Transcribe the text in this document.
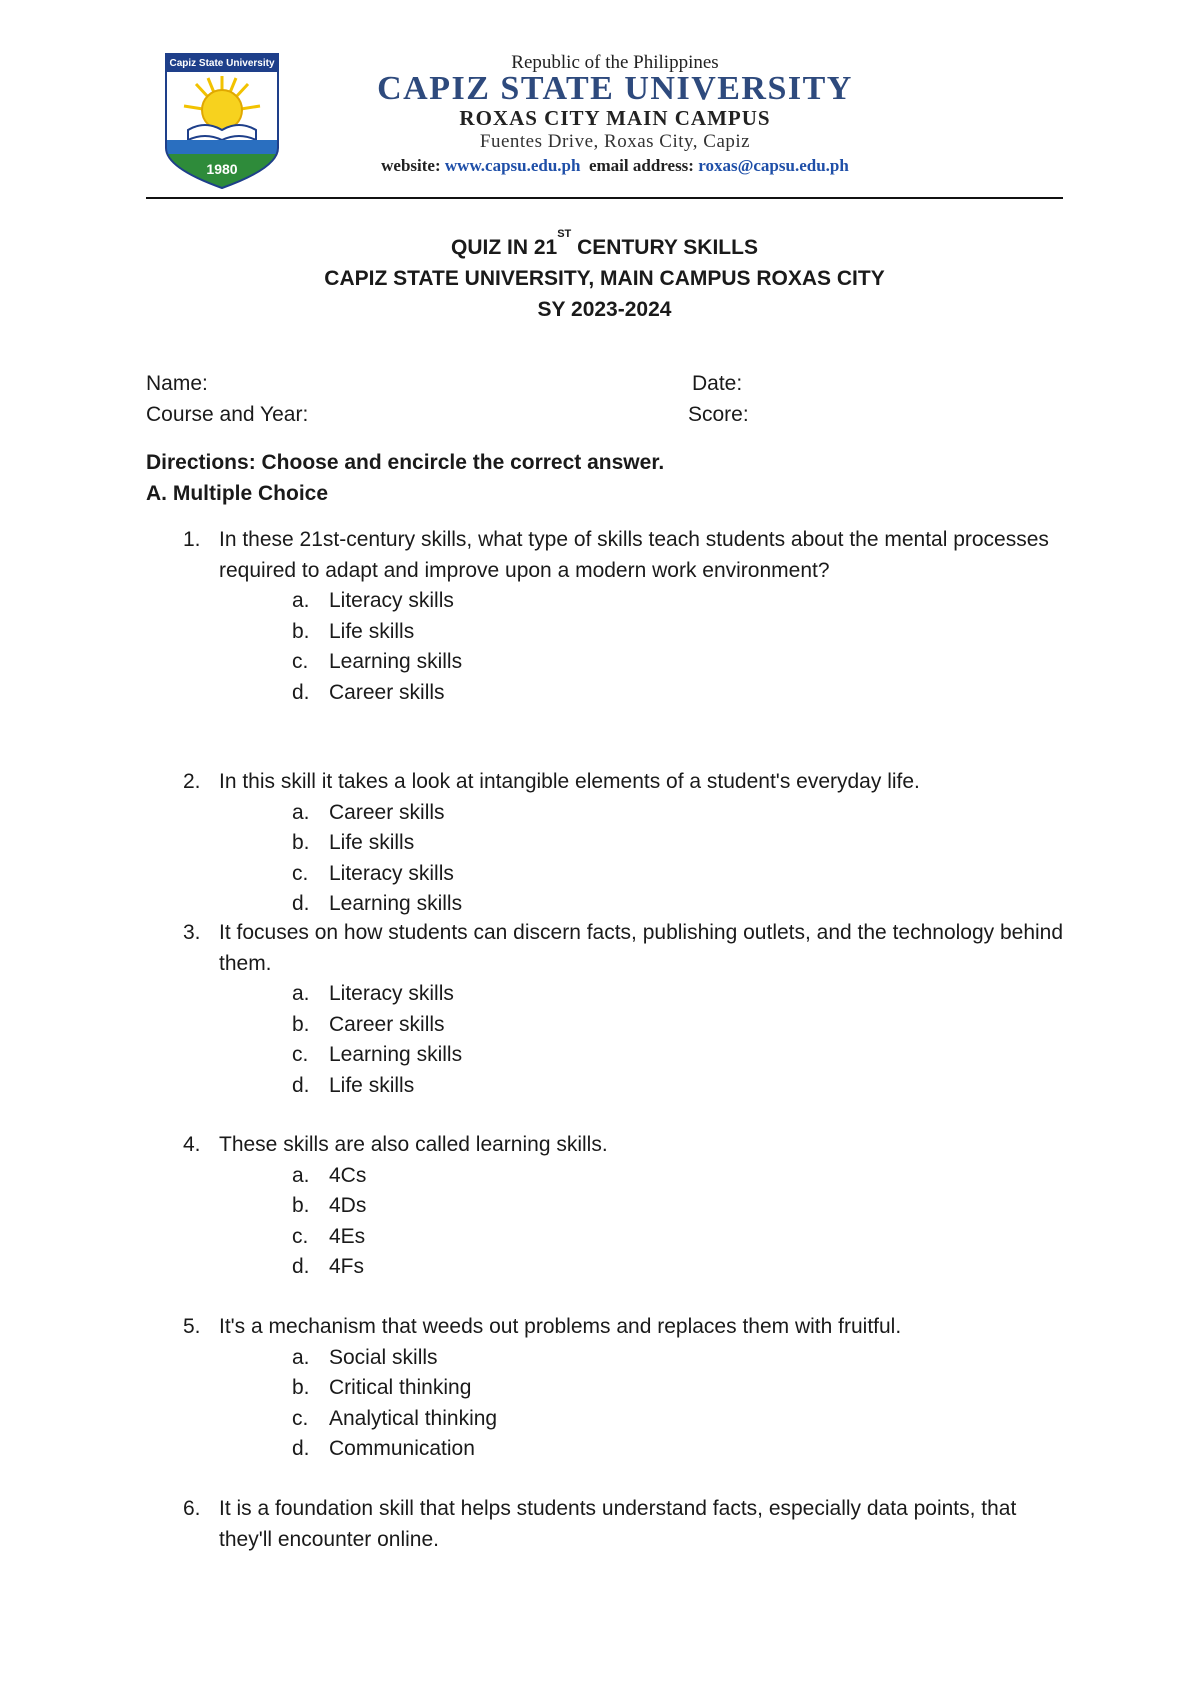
Capiz State University
1980
Republic of the Philippines
CAPIZ STATE UNIVERSITY
ROXAS CITY MAIN CAMPUS
Fuentes Drive, Roxas City, Capiz
website: www.capsu.edu.ph email address: roxas@capsu.edu.ph
QUIZ IN 21ST CENTURY SKILLS
CAPIZ STATE UNIVERSITY, MAIN CAMPUS ROXAS CITY
SY 2023-2024
Name:	Date:
Course and Year:	Score:
Directions: Choose and encircle the correct answer.
A. Multiple Choice
1. In these 21st-century skills, what type of skills teach students about the mental processes required to adapt and improve upon a modern work environment?
a. Literacy skills
b. Life skills
c. Learning skills
d. Career skills
2. In this skill it takes a look at intangible elements of a student's everyday life.
a. Career skills
b. Life skills
c. Literacy skills
d. Learning skills
3. It focuses on how students can discern facts, publishing outlets, and the technology behind them.
a. Literacy skills
b. Career skills
c. Learning skills
d. Life skills
4. These skills are also called learning skills.
a. 4Cs
b. 4Ds
c. 4Es
d. 4Fs
5. It's a mechanism that weeds out problems and replaces them with fruitful.
a. Social skills
b. Critical thinking
c. Analytical thinking
d. Communication
6. It is a foundation skill that helps students understand facts, especially data points, that they'll encounter online.
